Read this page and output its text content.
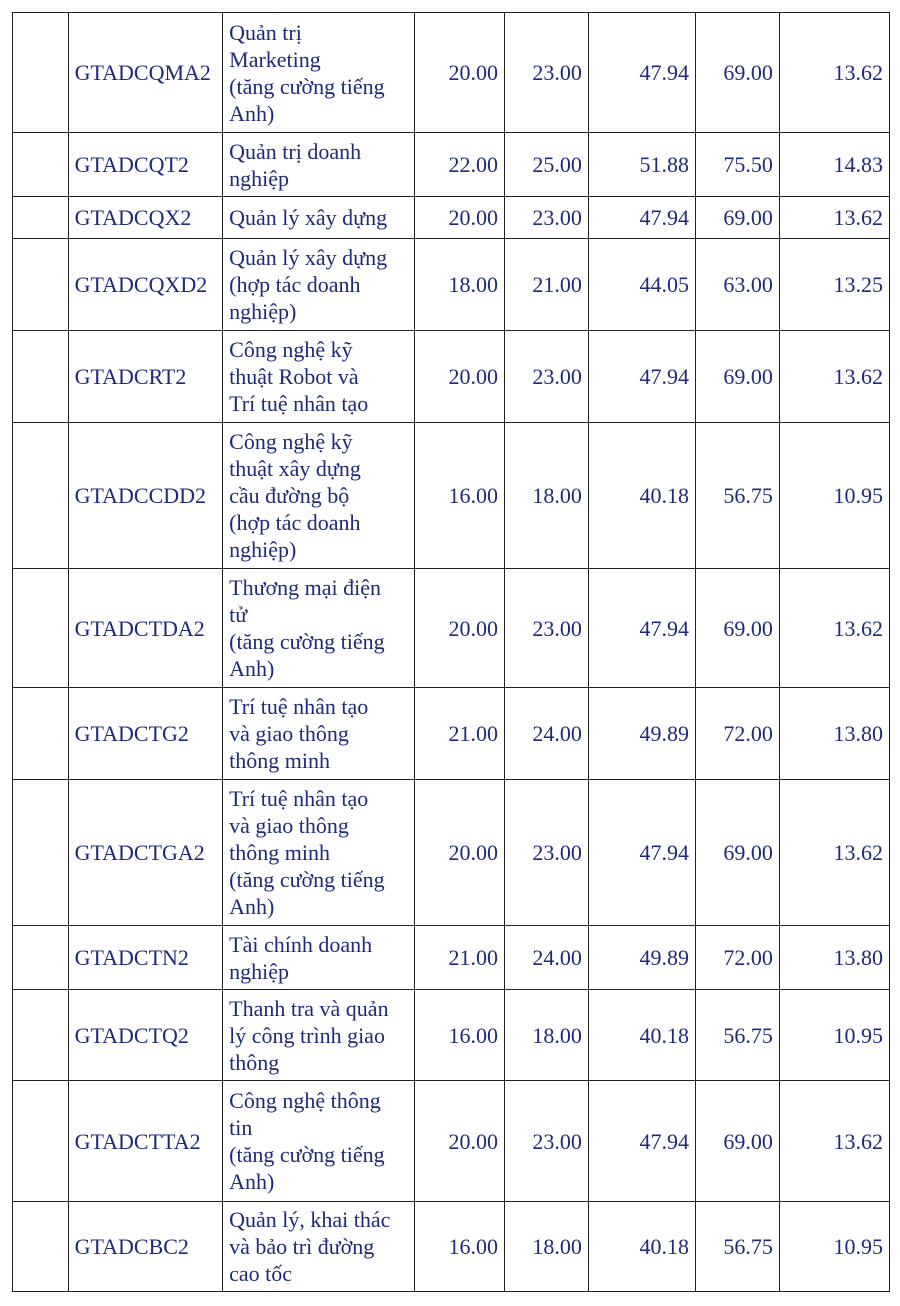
	GTADCQMA2	Quản trị
Marketing
(tăng cường tiếng
Anh)	20.00	23.00	47.94	69.00	13.62
	GTADCQT2	Quản trị doanh
nghiệp	22.00	25.00	51.88	75.50	14.83
	GTADCQX2	Quản lý xây dựng	20.00	23.00	47.94	69.00	13.62
	GTADCQXD2	Quản lý xây dựng
(hợp tác doanh
nghiệp)	18.00	21.00	44.05	63.00	13.25
	GTADCRT2	Công nghệ kỹ
thuật Robot và
Trí tuệ nhân tạo	20.00	23.00	47.94	69.00	13.62
	GTADCCDD2	Công nghệ kỹ
thuật xây dựng
cầu đường bộ
(hợp tác doanh
nghiệp)	16.00	18.00	40.18	56.75	10.95
	GTADCTDA2	Thương mại điện
tử
(tăng cường tiếng
Anh)	20.00	23.00	47.94	69.00	13.62
	GTADCTG2	Trí tuệ nhân tạo
và giao thông
thông minh	21.00	24.00	49.89	72.00	13.80
	GTADCTGA2	Trí tuệ nhân tạo
và giao thông
thông minh
(tăng cường tiếng
Anh)	20.00	23.00	47.94	69.00	13.62
	GTADCTN2	Tài chính doanh
nghiệp	21.00	24.00	49.89	72.00	13.80
	GTADCTQ2	Thanh tra và quản
lý công trình giao
thông	16.00	18.00	40.18	56.75	10.95
	GTADCTTA2	Công nghệ thông
tin
(tăng cường tiếng
Anh)	20.00	23.00	47.94	69.00	13.62
	GTADCBC2	Quản lý, khai thác
và bảo trì đường
cao tốc	16.00	18.00	40.18	56.75	10.95
